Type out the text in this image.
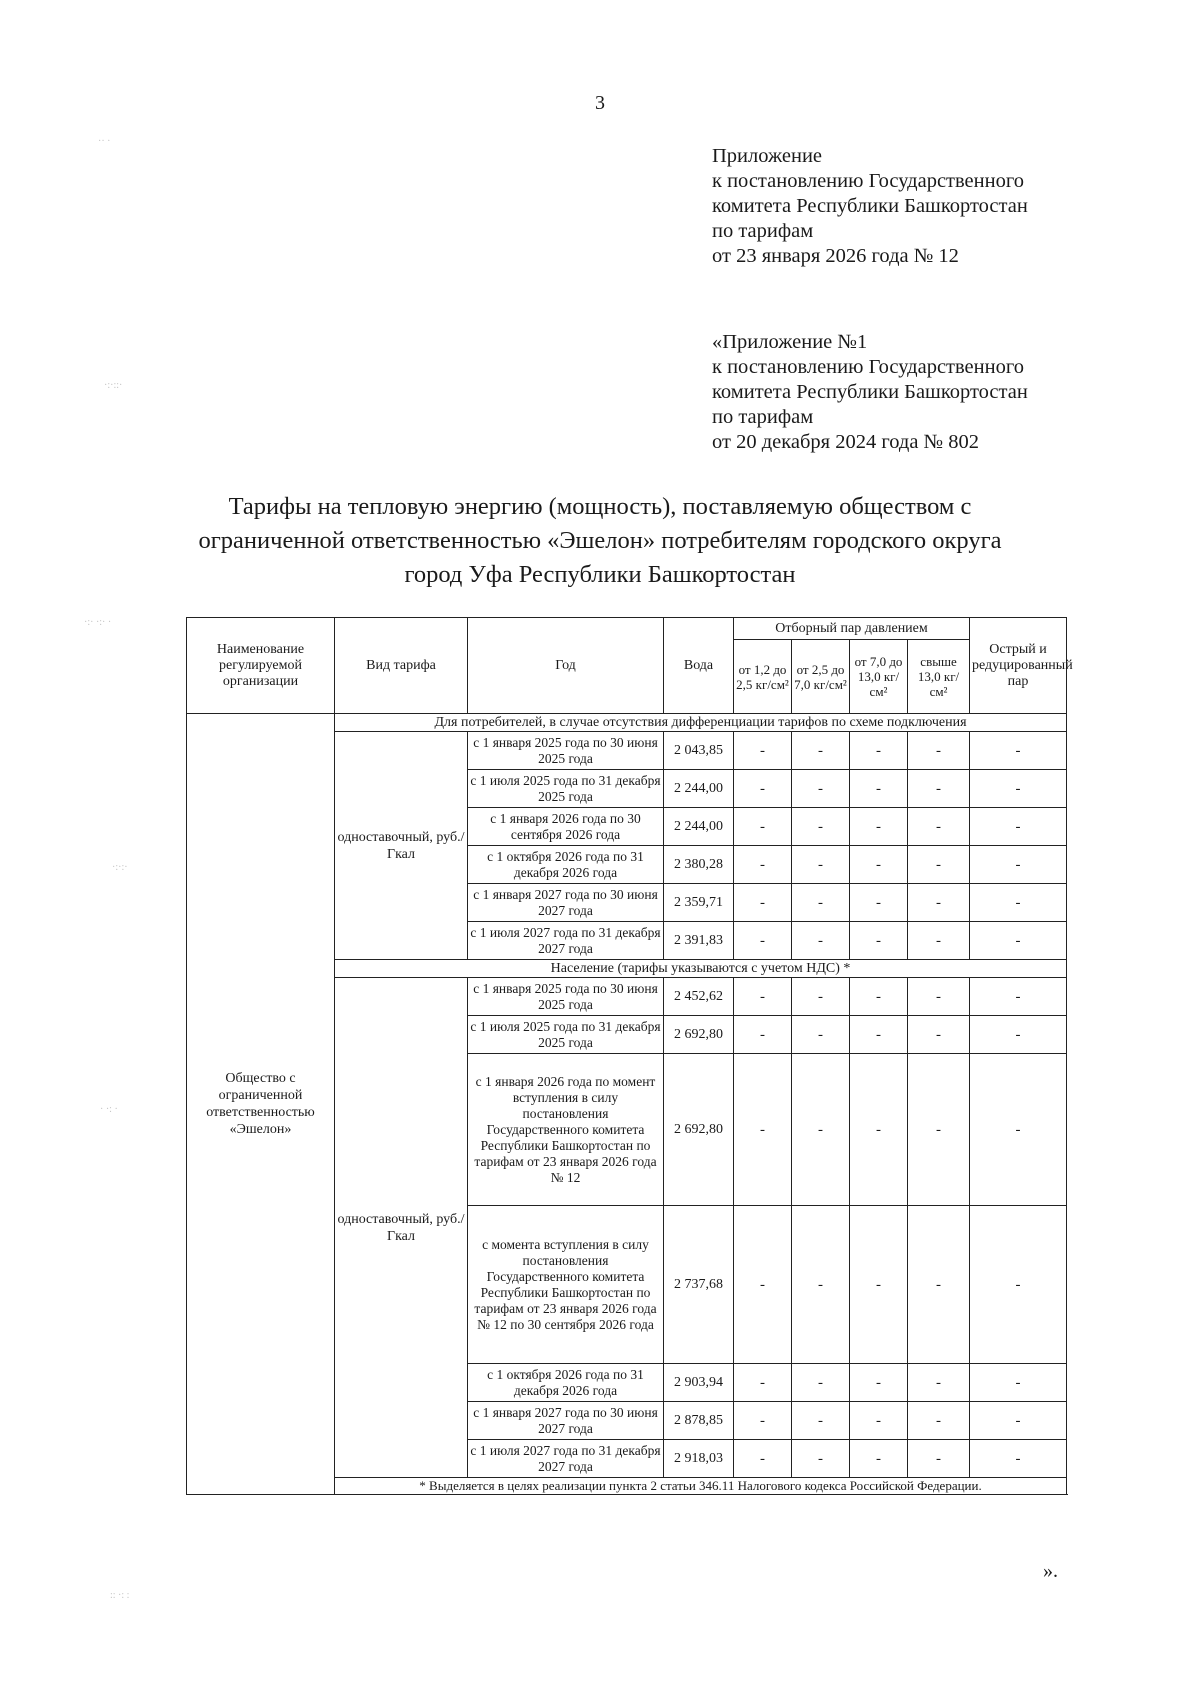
3
Приложение
к постановлению Государственного
комитета Республики Башкортостан
по тарифам
от 23 января 2026 года № 12
«Приложение №1
к постановлению Государственного
комитета Республики Башкортостан
по тарифам
от 20 декабря 2024 года № 802
Тарифы на тепловую энергию (мощность), поставляемую обществом с
ограниченной ответственностью «Эшелон» потребителям городского округа
город Уфа Республики Башкортостан
Наименование регулируемой организации	Вид тарифа	Год	Вода	Отборный пар давлением				Острый и редуцированный пар
				от 1,2 до 2,5 кг/см²	от 2,5 до 7,0 кг/см²	от 7,0 до 13,0 кг/см²	свыше 13,0 кг/см²	
Общество с ограниченной ответственностью «Эшелон»	Для потребителей, в случае отсутствия дифференциации тарифов по схеме подключения							
	одноставочный, руб./Гкал	с 1 января 2025 года по 30 июня 2025 года	2 043,85	-	-	-	-	-
		с 1 июля 2025 года по 31 декабря 2025 года	2 244,00	-	-	-	-	-
		с 1 января 2026 года по 30 сентября 2026 года	2 244,00	-	-	-	-	-
		с 1 октября 2026 года по 31 декабря 2026 года	2 380,28	-	-	-	-	-
		с 1 января 2027 года по 30 июня 2027 года	2 359,71	-	-	-	-	-
		с 1 июля 2027 года по 31 декабря 2027 года	2 391,83	-	-	-	-	-
	Население (тарифы указываются с учетом НДС) *							
	одноставочный, руб./Гкал	с 1 января 2025 года по 30 июня 2025 года	2 452,62	-	-	-	-	-
		с 1 июля 2025 года по 31 декабря 2025 года	2 692,80	-	-	-	-	-
		с 1 января 2026 года по момент вступления в силу постановления Государственного комитета Республики Башкортостан по тарифам от 23 января 2026 года № 12	2 692,80	-	-	-	-	-
		с момента вступления в силу постановления Государственного комитета Республики Башкортостан по тарифам от 23 января 2026 года № 12 по 30 сентября 2026 года	2 737,68	-	-	-	-	-
		с 1 октября 2026 года по 31 декабря 2026 года	2 903,94	-	-	-	-	-
		с 1 января 2027 года по 30 июня 2027 года	2 878,85	-	-	-	-	-
		с 1 июля 2027 года по 31 декабря 2027 года	2 918,03	-	-	-	-	-
	* Выделяется в целях реализации пункта 2 статьи 346.11 Налогового кодекса Российской Федерации.							
».
·· ·
·:·::·
·:· ·:· ·
·:·:·
· ·: ·
:: ·: :
